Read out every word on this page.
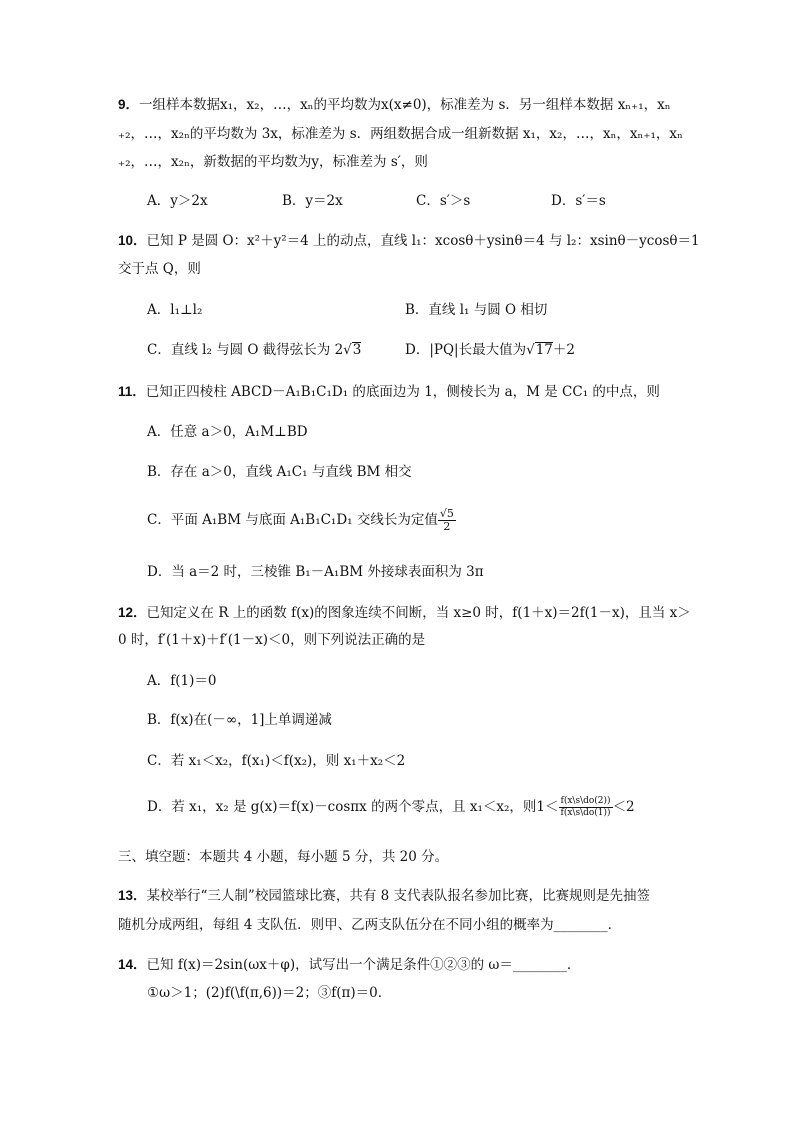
9．一组样本数据x₁，x₂，…，xₙ的平均数为x(x≠0)，标准差为 s．另一组样本数据 xₙ₊₁，xₙ
₊₂，…，x₂ₙ的平均数为 3x，标准差为 s．两组数据合成一组新数据 x₁，x₂，…，xₙ，xₙ₊₁，xₙ
₊₂，…，x₂ₙ，新数据的平均数为y，标准差为 s′，则
A．y＞2x	B．y＝2x	C．s′＞s	D．s′＝s
10．已知 P 是圆 O：x²＋y²＝4 上的动点，直线 l₁：xcosθ＋ysinθ＝4 与 l₂：xsinθ－ycosθ＝1
交于点 Q，则
A．l₁⊥l₂	B．直线 l₁ 与圆 O 相切
C．直线 l₂ 与圆 O 截得弦长为 2√3	D．|PQ|长最大值为√17＋2
11．已知正四棱柱 ABCD－A₁B₁C₁D₁ 的底面边为 1，侧棱长为 a，M 是 CC₁ 的中点，则
A．任意 a＞0，A₁M⊥BD
B．存在 a＞0，直线 A₁C₁ 与直线 BM 相交
C．平面 A₁BM 与底面 A₁B₁C₁D₁ 交线长为定值 $\frac{√5}{2}$
D．当 a＝2 时，三棱锥 B₁－A₁BM 外接球表面积为 3π
12．已知定义在 R 上的函数 f(x)的图象连续不间断，当 x≥0 时，f(1＋x)＝2f(1－x)，且当 x＞
0 时，f′(1＋x)＋f′(1－x)＜0，则下列说法正确的是
A．f(1)＝0
B．f(x)在(－∞，1]上单调递减
C．若 x₁＜x₂，f(x₁)＜f(x₂)，则 x₁＋x₂＜2
D．若 x₁，x₂ 是 g(x)＝f(x)－cosπx 的两个零点，且 x₁＜x₂，则$1< \frac{f(x\backslash s\backslash do(2))}{f(x\backslash s\backslash do(1))} <2$
三、填空题：本题共 4 小题，每小题 5 分，共 20 分。
13．某校举行“三人制”校园篮球比赛，共有 8 支代表队报名参加比赛，比赛规则是先抽签
随机分成两组，每组 4 支队伍．则甲、乙两支队伍分在不同小组的概率为________．
14．已知 f(x)＝2sin(ωx＋φ)，试写出一个满足条件①②③的 ω＝________．
①ω＞1；(2)f(\f(π,6))＝2；③f(π)＝0．
